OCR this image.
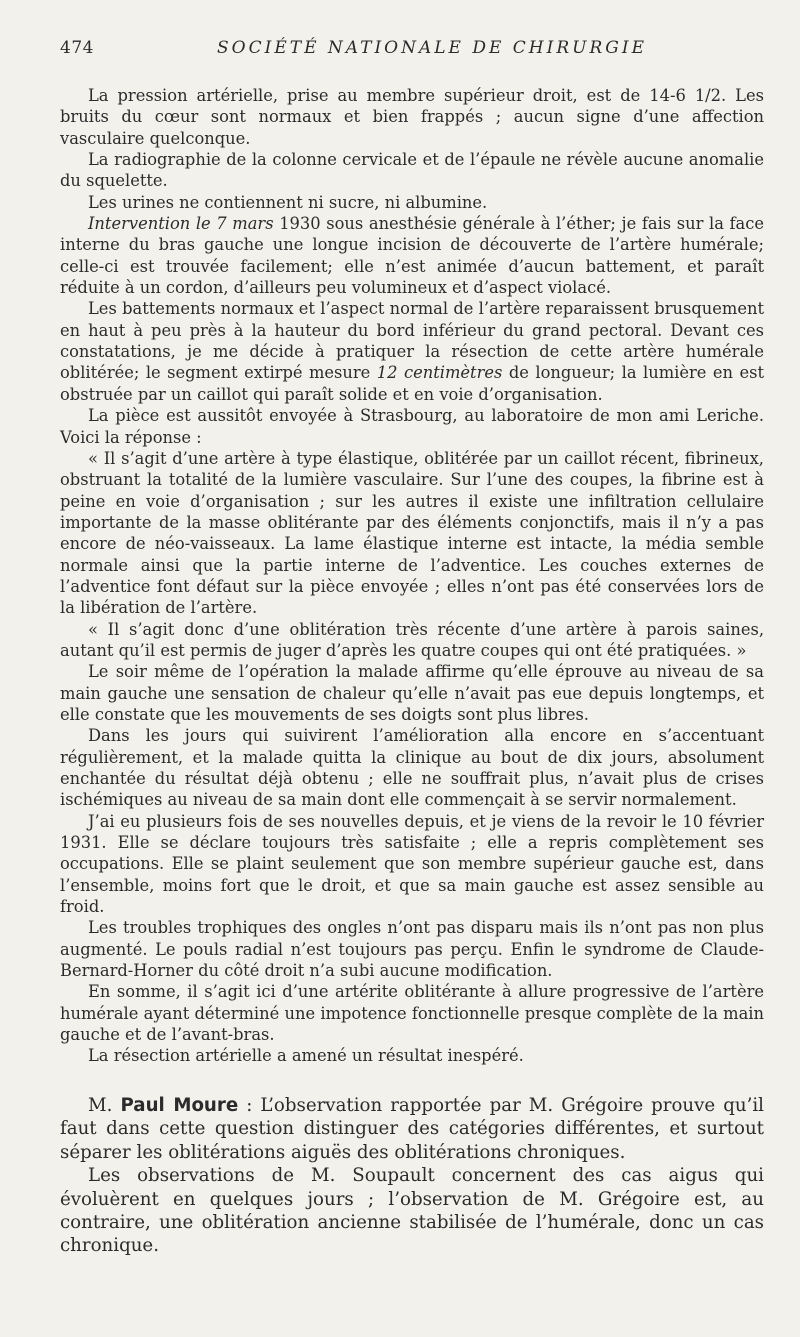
474	SOCIÉTÉ NATIONALE DE CHIRURGIE

La pression artérielle, prise au membre supérieur droit, est de 14-6 1/2. Les bruits du cœur sont normaux et bien frappés ; aucun signe d’une affection vasculaire quelconque.

La radiographie de la colonne cervicale et de l’épaule ne révèle aucune anomalie du squelette.

Les urines ne contiennent ni sucre, ni albumine.

Intervention le 7 mars 1930 sous anesthésie générale à l’éther; je fais sur la face interne du bras gauche une longue incision de découverte de l’artère humérale; celle-ci est trouvée facilement; elle n’est animée d’aucun battement, et paraît réduite à un cordon, d’ailleurs peu volumineux et d’aspect violacé.

Les battements normaux et l’aspect normal de l’artère reparaissent brusquement en haut à peu près à la hauteur du bord inférieur du grand pectoral. Devant ces constatations, je me décide à pratiquer la résection de cette artère humérale oblitérée; le segment extirpé mesure 12 centimètres de longueur; la lumière en est obstruée par un caillot qui paraît solide et en voie d’organisation.

La pièce est aussitôt envoyée à Strasbourg, au laboratoire de mon ami Leriche. Voici la réponse :

« Il s’agit d’une artère à type élastique, oblitérée par un caillot récent, fibrineux, obstruant la totalité de la lumière vasculaire. Sur l’une des coupes, la fibrine est à peine en voie d’organisation ; sur les autres il existe une infiltration cellulaire importante de la masse oblitérante par des éléments conjonctifs, mais il n’y a pas encore de néo-vaisseaux. La lame élastique interne est intacte, la média semble normale ainsi que la partie interne de l’adventice. Les couches externes de l’adventice font défaut sur la pièce envoyée ; elles n’ont pas été conservées lors de la libération de l’artère.

« Il s’agit donc d’une oblitération très récente d’une artère à parois saines, autant qu’il est permis de juger d’après les quatre coupes qui ont été pratiquées. »

Le soir même de l’opération la malade affirme qu’elle éprouve au niveau de sa main gauche une sensation de chaleur qu’elle n’avait pas eue depuis longtemps, et elle constate que les mouvements de ses doigts sont plus libres.

Dans les jours qui suivirent l’amélioration alla encore en s’accentuant régulièrement, et la malade quitta la clinique au bout de dix jours, absolument enchantée du résultat déjà obtenu ; elle ne souffrait plus, n’avait plus de crises ischémiques au niveau de sa main dont elle commençait à se servir normalement.

J’ai eu plusieurs fois de ses nouvelles depuis, et je viens de la revoir le 10 février 1931. Elle se déclare toujours très satisfaite ; elle a repris complètement ses occupations. Elle se plaint seulement que son membre supérieur gauche est, dans l’ensemble, moins fort que le droit, et que sa main gauche est assez sensible au froid.

Les troubles trophiques des ongles n’ont pas disparu mais ils n’ont pas non plus augmenté. Le pouls radial n’est toujours pas perçu. Enfin le syndrome de Claude-Bernard-Horner du côté droit n’a subi aucune modification.

En somme, il s’agit ici d’une artérite oblitérante à allure progressive de l’artère humérale ayant déterminé une impotence fonctionnelle presque complète de la main gauche et de l’avant-bras.

La résection artérielle a amené un résultat inespéré.

M. Paul Moure : L’observation rapportée par M. Grégoire prouve qu’il faut dans cette question distinguer des catégories différentes, et surtout séparer les oblitérations aiguës des oblitérations chroniques.

Les observations de M. Soupault concernent des cas aigus qui évoluèrent en quelques jours ; l’observation de M. Grégoire est, au contraire, une oblitération ancienne stabilisée de l’humérale, donc un cas chronique.
